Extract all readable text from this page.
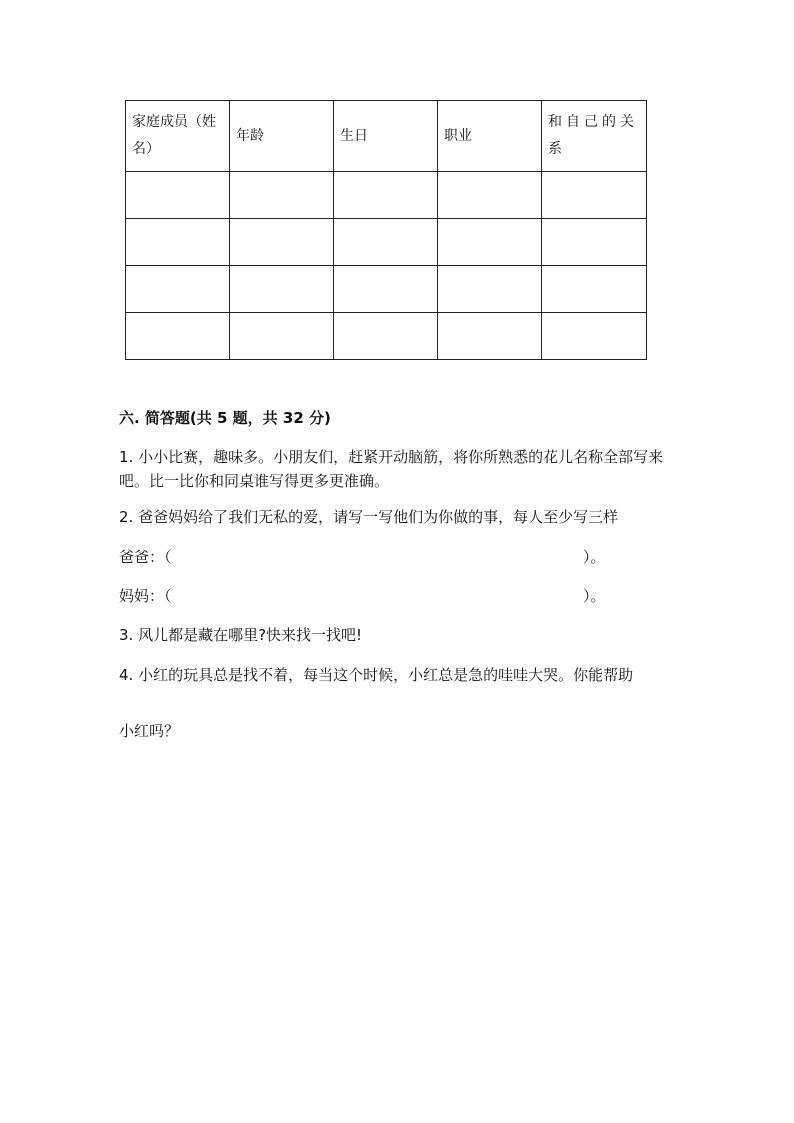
家庭成员（姓名）	年龄	生日	职业	和自己的关系

六. 简答题(共 5 题，共 32 分)
1. 小小比赛，趣味多。小朋友们，赶紧开动脑筋，将你所熟悉的花儿名称全部写来吧。比一比你和同桌谁写得更多更准确。
2. 爸爸妈妈给了我们无私的爱，请写一写他们为你做的事，每人至少写三样
爸爸：（	）。
妈妈：（	）。
3. 风儿都是藏在哪里?快来找一找吧!
4. 小红的玩具总是找不着，每当这个时候，小红总是急的哇哇大哭。你能帮助
小红吗？
